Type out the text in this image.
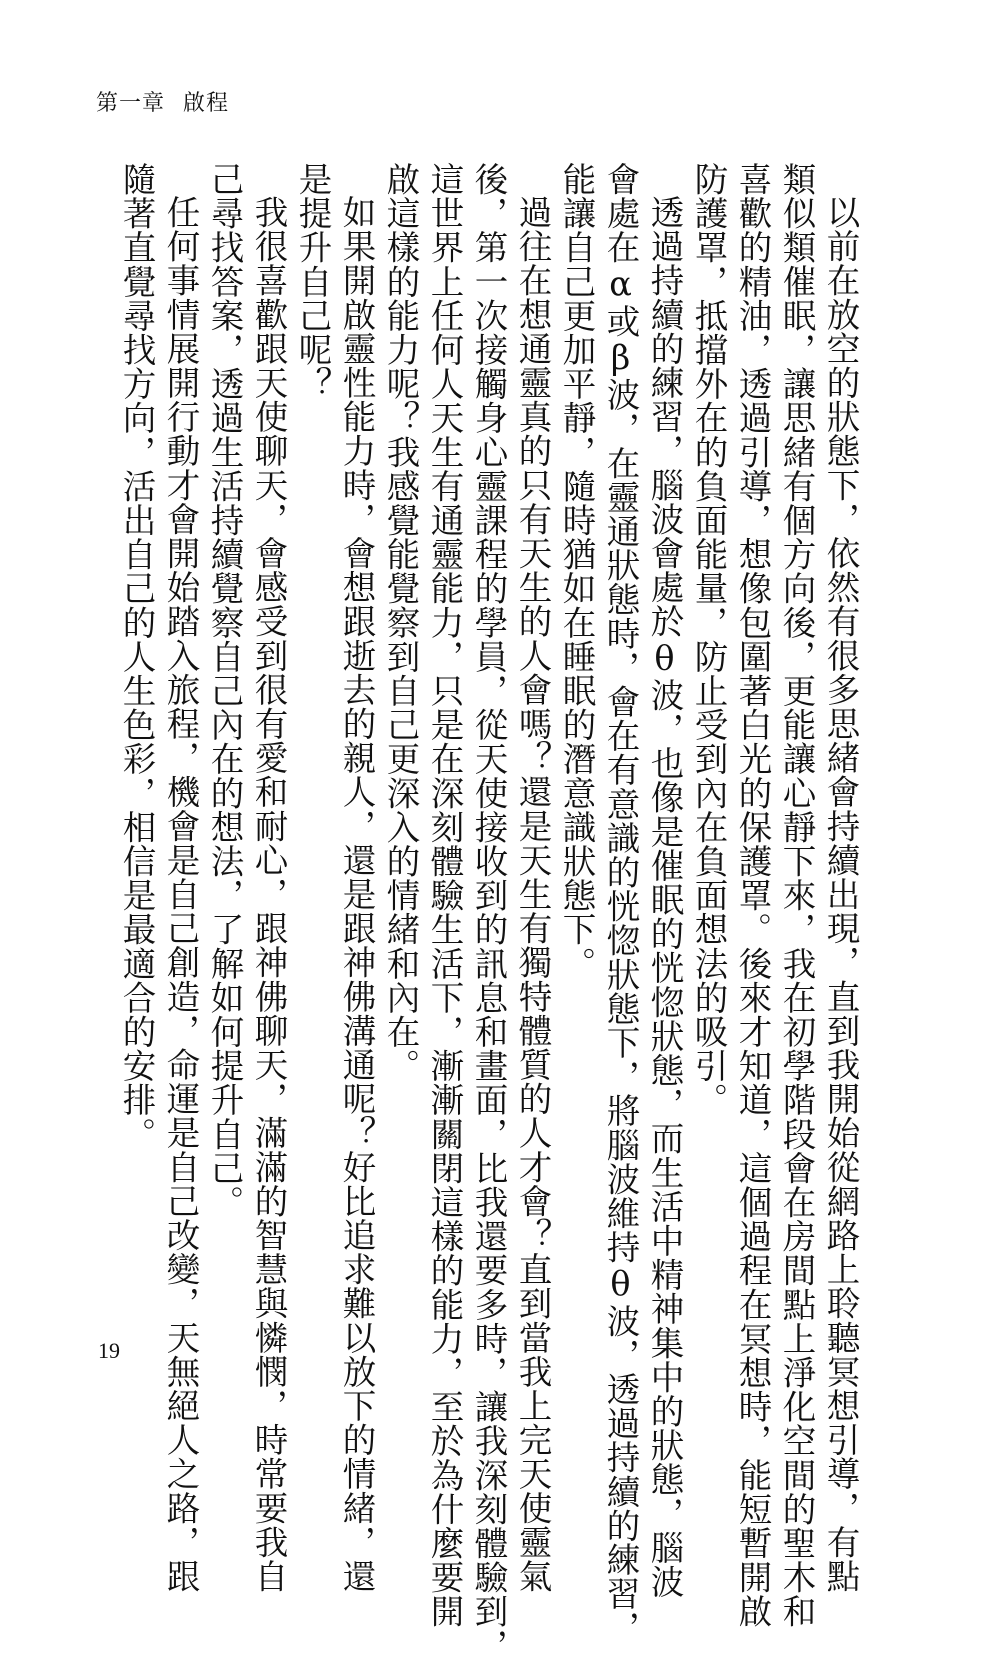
第一章 啟程
以前在放空的狀態下，依然有很多思緒會持續出現，直到我開始從網路上聆聽冥想引導，有點
類似類催眠，讓思緒有個方向後，更能讓心靜下來，我在初學階段會在房間點上淨化空間的聖木和
喜歡的精油，透過引導，想像包圍著白光的保護罩。後來才知道，這個過程在冥想時，能短暫開啟
防護罩，抵擋外在的負面能量，防止受到內在負面想法的吸引。
透過持續的練習，腦波會處於θ波，也像是催眠的恍惚狀態，而生活中精神集中的狀態，腦波
會處在α或β波，在靈通狀態時，會在有意識的恍惚狀態下，將腦波維持θ波，透過持續的練習，
能讓自己更加平靜，隨時猶如在睡眠的潛意識狀態下。
過往在想通靈真的只有天生的人會嗎？還是天生有獨特體質的人才會？直到當我上完天使靈氣
後，第一次接觸身心靈課程的學員，從天使接收到的訊息和畫面，比我還要多時，讓我深刻體驗到，
這世界上任何人天生有通靈能力，只是在深刻體驗生活下，漸漸關閉這樣的能力，至於為什麼要開
啟這樣的能力呢？我感覺能覺察到自己更深入的情緒和內在。
如果開啟靈性能力時，會想跟逝去的親人，還是跟神佛溝通呢？好比追求難以放下的情緒，還
是提升自己呢？
我很喜歡跟天使聊天，會感受到很有愛和耐心，跟神佛聊天，滿滿的智慧與憐憫，時常要我自
己尋找答案，透過生活持續覺察自己內在的想法，了解如何提升自己。
任何事情展開行動才會開始踏入旅程，機會是自己創造，命運是自己改變，天無絕人之路，跟
隨著直覺尋找方向，活出自己的人生色彩，相信是最適合的安排。
19
